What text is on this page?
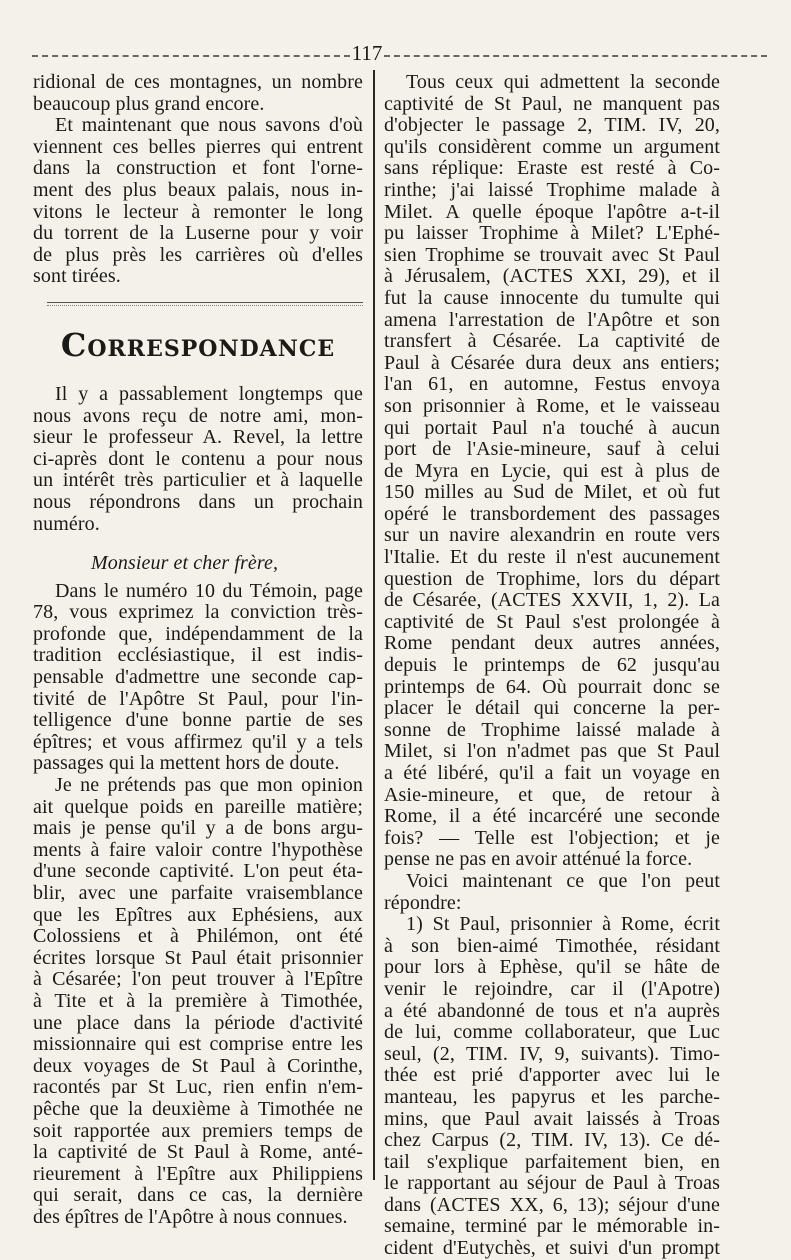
117
ridional de ces montagnes, un nombre
beaucoup plus grand encore.
Et maintenant que nous savons d'où
viennent ces belles pierres qui entrent
dans la construction et font l'orne-
ment des plus beaux palais, nous in-
vitons le lecteur à remonter le long
du torrent de la Luserne pour y voir
de plus près les carrières où d'elles
sont tirées.
Correspondance
Il y a passablement longtemps que
nous avons reçu de notre ami, mon-
sieur le professeur A. Revel, la lettre
ci-après dont le contenu a pour nous
un intérêt très particulier et à laquelle
nous répondrons dans un prochain
numéro.
Monsieur et cher frère,
Dans le numéro 10 du Témoin, page
78, vous exprimez la conviction très-
profonde que, indépendamment de la
tradition ecclésiastique, il est indis-
pensable d'admettre une seconde cap-
tivité de l'Apôtre St Paul, pour l'in-
telligence d'une bonne partie de ses
épîtres; et vous affirmez qu'il y a tels
passages qui la mettent hors de doute.
Je ne prétends pas que mon opinion
ait quelque poids en pareille matière;
mais je pense qu'il y a de bons argu-
ments à faire valoir contre l'hypothèse
d'une seconde captivité. L'on peut éta-
blir, avec une parfaite vraisemblance
que les Epîtres aux Ephésiens, aux
Colossiens et à Philémon, ont été
écrites lorsque St Paul était prisonnier
à Césarée; l'on peut trouver à l'Epître
à Tite et à la première à Timothée,
une place dans la période d'activité
missionnaire qui est comprise entre les
deux voyages de St Paul à Corinthe,
racontés par St Luc, rien enfin n'em-
pêche que la deuxième à Timothée ne
soit rapportée aux premiers temps de
la captivité de St Paul à Rome, anté-
rieurement à l'Epître aux Philippiens
qui serait, dans ce cas, la dernière
des épîtres de l'Apôtre à nous connues.
Tous ceux qui admettent la seconde
captivité de St Paul, ne manquent pas
d'objecter le passage 2, TIM. IV, 20,
qu'ils considèrent comme un argument
sans réplique: Eraste est resté à Co-
rinthe; j'ai laissé Trophime malade à
Milet. A quelle époque l'apôtre a-t-il
pu laisser Trophime à Milet? L'Ephé-
sien Trophime se trouvait avec St Paul
à Jérusalem, (ACTES XXI, 29), et il
fut la cause innocente du tumulte qui
amena l'arrestation de l'Apôtre et son
transfert à Césarée. La captivité de
Paul à Césarée dura deux ans entiers;
l'an 61, en automne, Festus envoya
son prisonnier à Rome, et le vaisseau
qui portait Paul n'a touché à aucun
port de l'Asie-mineure, sauf à celui
de Myra en Lycie, qui est à plus de
150 milles au Sud de Milet, et où fut
opéré le transbordement des passages
sur un navire alexandrin en route vers
l'Italie. Et du reste il n'est aucunement
question de Trophime, lors du départ
de Césarée, (ACTES XXVII, 1, 2). La
captivité de St Paul s'est prolongée à
Rome pendant deux autres années,
depuis le printemps de 62 jusqu'au
printemps de 64. Où pourrait donc se
placer le détail qui concerne la per-
sonne de Trophime laissé malade à
Milet, si l'on n'admet pas que St Paul
a été libéré, qu'il a fait un voyage en
Asie-mineure, et que, de retour à
Rome, il a été incarcéré une seconde
fois? — Telle est l'objection; et je
pense ne pas en avoir atténué la force.
Voici maintenant ce que l'on peut
répondre:
1) St Paul, prisonnier à Rome, écrit
à son bien-aimé Timothée, résidant
pour lors à Ephèse, qu'il se hâte de
venir le rejoindre, car il (l'Apotre)
a été abandonné de tous et n'a auprès
de lui, comme collaborateur, que Luc
seul, (2, TIM. IV, 9, suivants). Timo-
thée est prié d'apporter avec lui le
manteau, les papyrus et les parche-
mins, que Paul avait laissés à Troas
chez Carpus (2, TIM. IV, 13). Ce dé-
tail s'explique parfaitement bien, en
le rapportant au séjour de Paul à Troas
dans (ACTES XX, 6, 13); séjour d'une
semaine, terminé par le mémorable in-
cident d'Eutychès, et suivi d'un prompt
